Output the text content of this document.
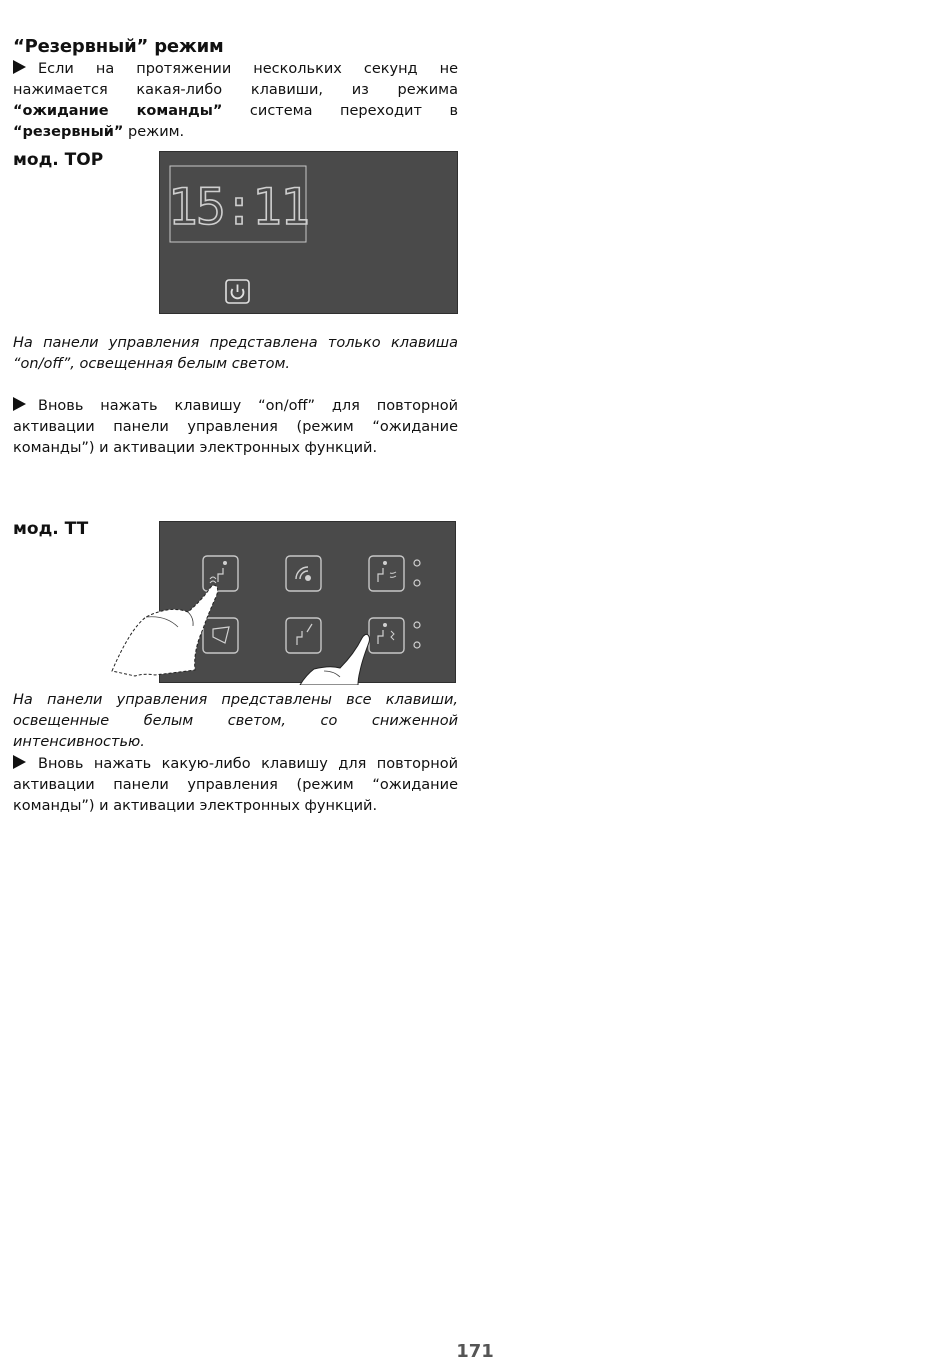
“Резервный” режим
Если на протяжении нескольких секунд не нажимается какая-либо клавиши, из режима “ожидание команды” система переходит в “резервный” режим.
мод. TOP
15:11
На панели управления представлена только клавиша “on/off”, освещенная белым светом.
Вновь нажать клавишу “on/off” для повторной активации панели управления (режим “ожидание команды”) и активации электронных функций.
мод. TT
На панели управления представлены все клавиши, освещенные белым светом, со сниженной интенсивностью.
Вновь нажать какую-либо клавишу для повторной активации панели управления (режим “ожидание команды”) и активации электронных функций.
171
